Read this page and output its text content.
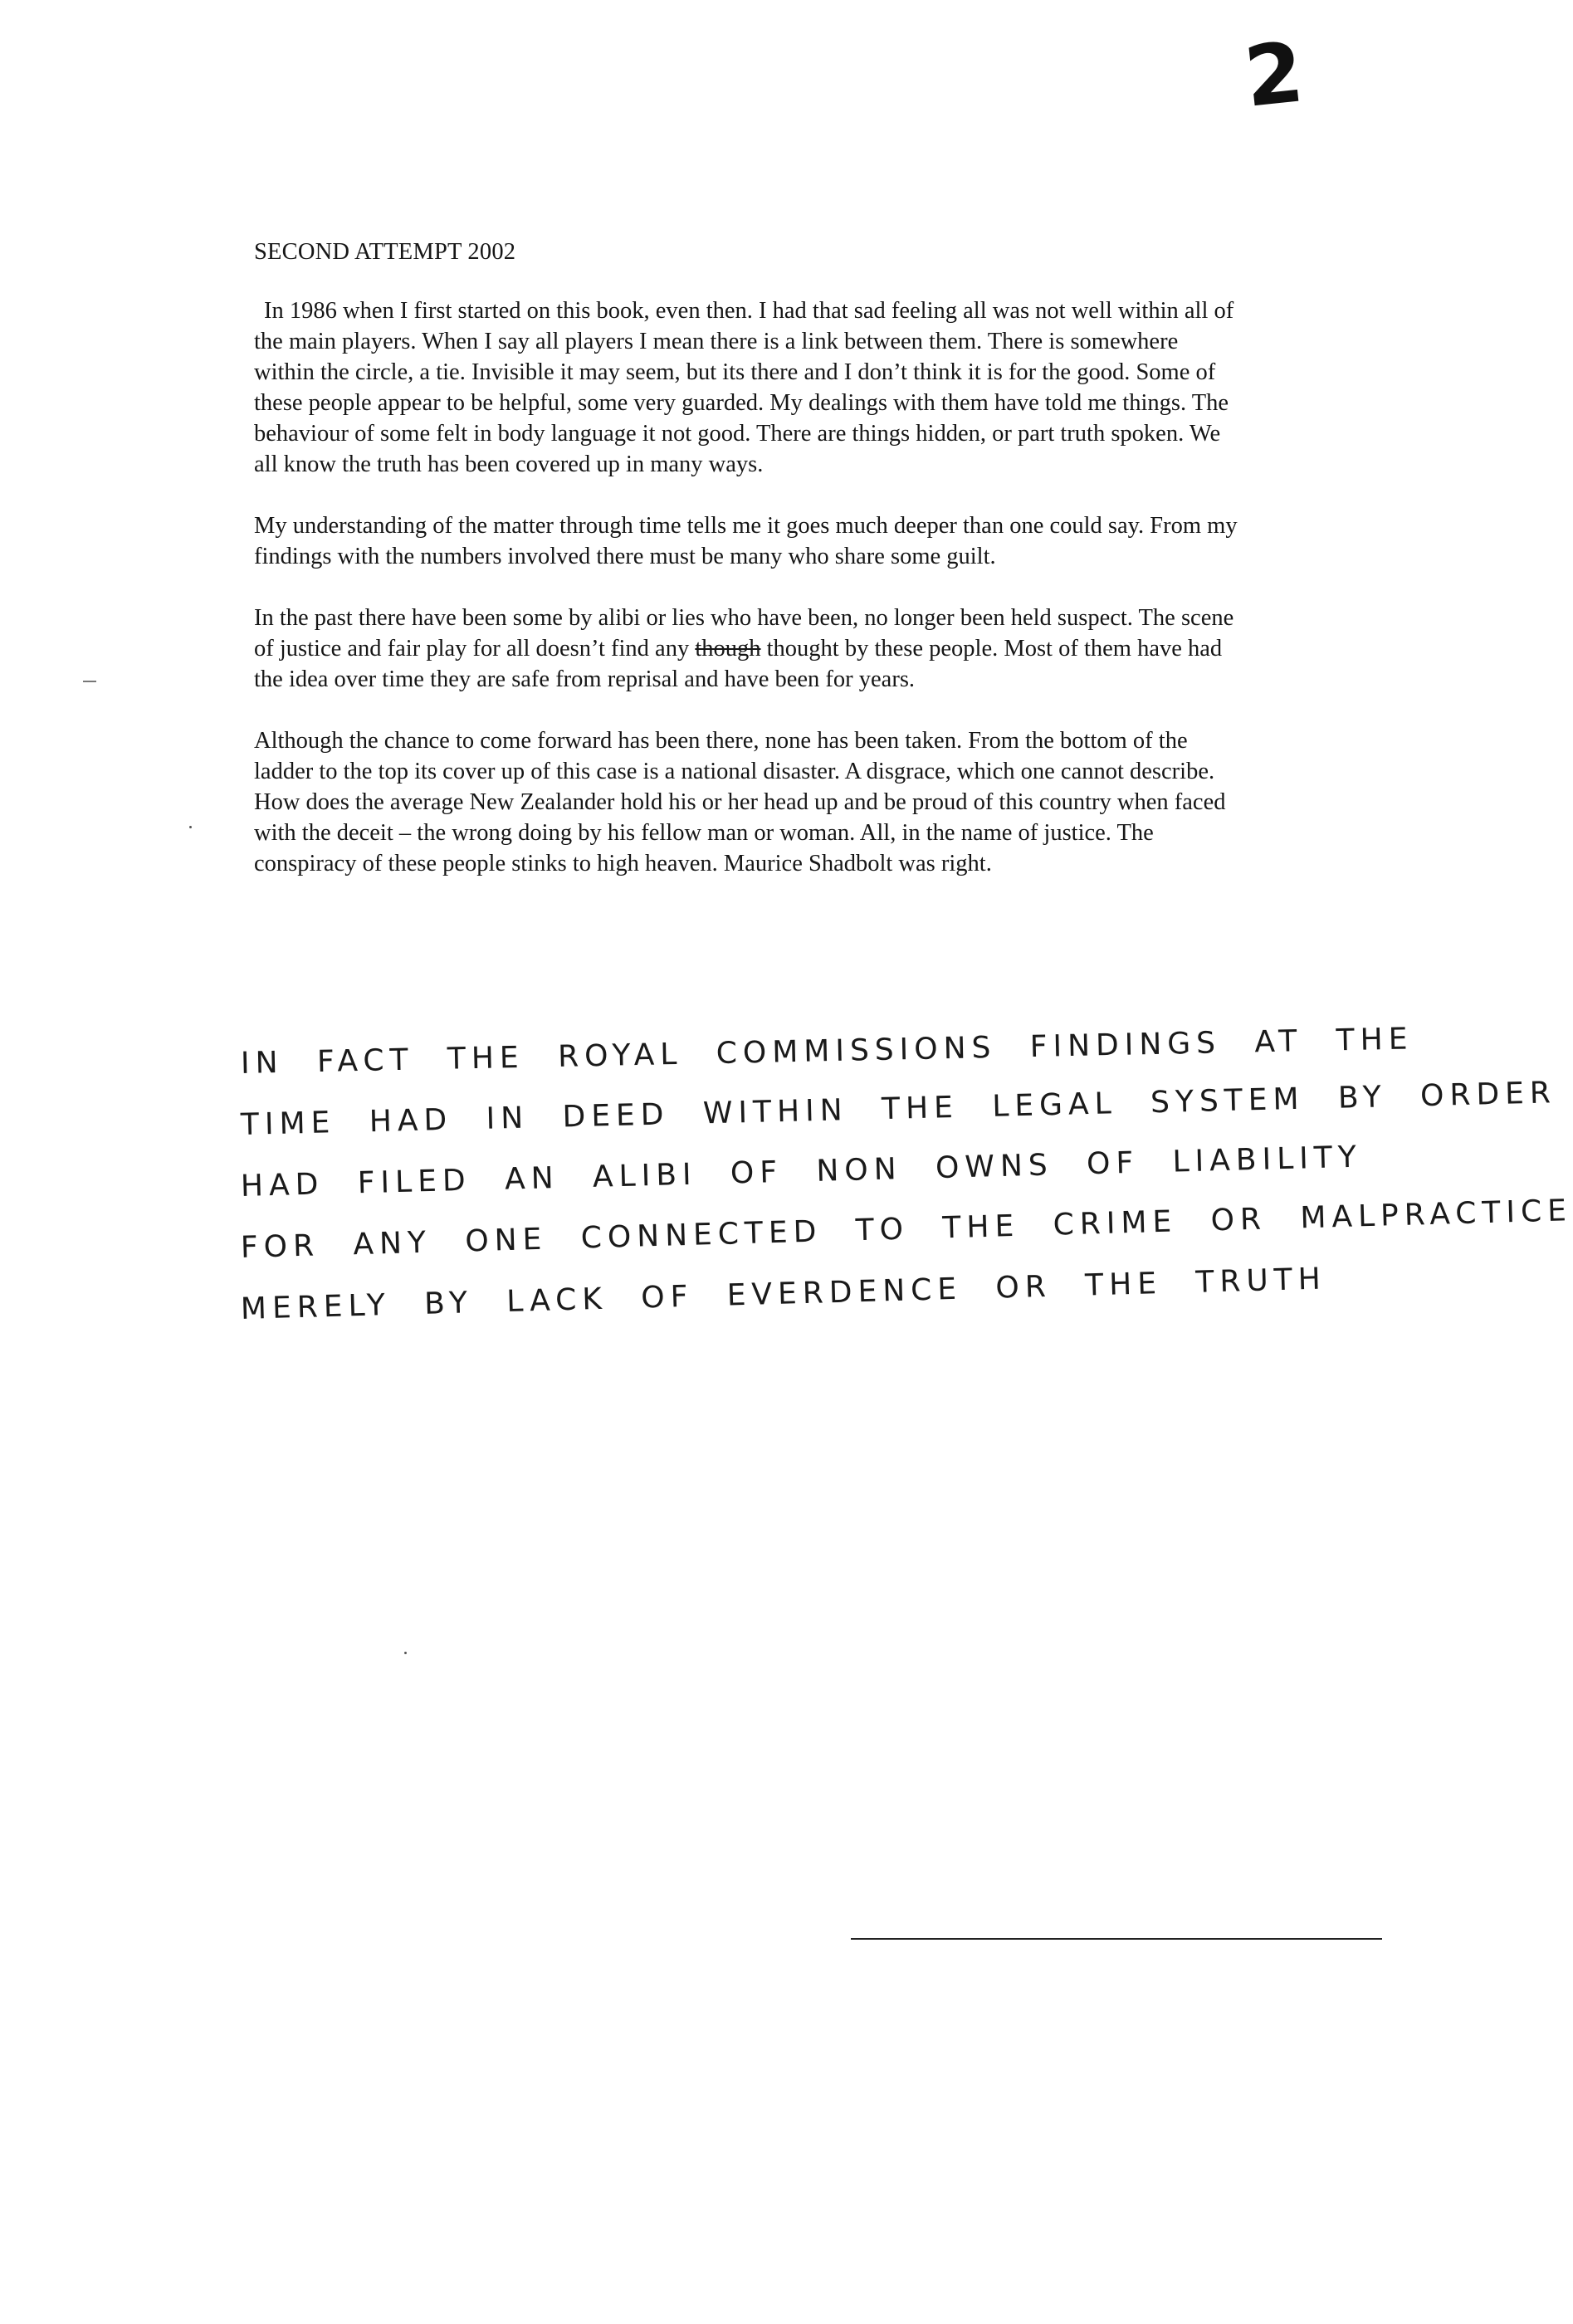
2

SECOND ATTEMPT 2002

In 1986 when I first started on this book, even then. I had that sad feeling all was not well within all of the main players. When I say all players I mean there is a link between them. There is somewhere within the circle, a tie. Invisible it may seem, but its there and I don’t think it is for the good. Some of these people appear to be helpful, some very guarded. My dealings with them have told me things. The behaviour of some felt in body language it not good. There are things hidden, or part truth spoken. We all know the truth has been covered up in many ways.

My understanding of the matter through time tells me it goes much deeper than one could say. From my findings with the numbers involved there must be many who share some guilt.

In the past there have been some by alibi or lies who have been, no longer been held suspect. The scene of justice and fair play for all doesn’t find any though thought by these people. Most of them have had the idea over time they are safe from reprisal and have been for years.

Although the chance to come forward has been there, none has been taken. From the bottom of the ladder to the top its cover up of this case is a national disaster. A disgrace, which one cannot describe. How does the average New Zealander hold his or her head up and be proud of this country when faced with the deceit – the wrong doing by his fellow man or woman. All, in the name of justice. The conspiracy of these people stinks to high heaven. Maurice Shadbolt was right.

IN FACT THE ROYAL COMMISSIONS FINDINGS AT THE
TIME HAD IN DEED WITHIN THE LEGAL SYSTEM BY ORDER
HAD FILED AN ALIBI OF NON OWNS OF LIABILITY
FOR ANY ONE CONNECTED TO THE CRIME OR MALPRACTICE
MERELY BY LACK OF EVERDENCE OR THE TRUTH
